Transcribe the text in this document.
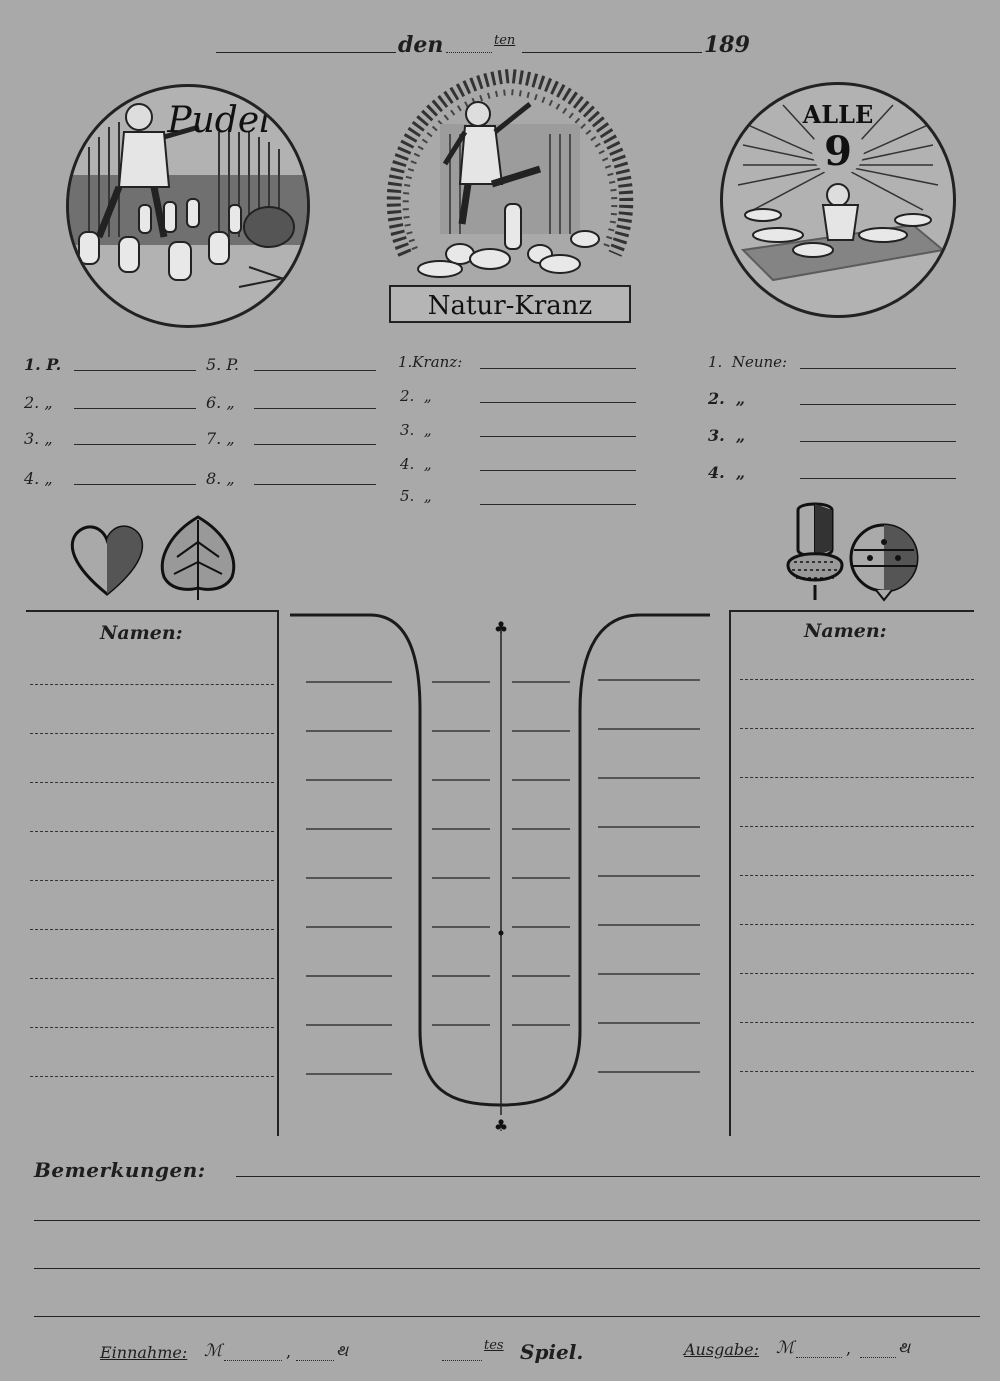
den	ten	189
Pudel
Natur-Kranz
9
ALLE
1. P.
2. „
3. „
4. „
5. P.
6. „
7. „
8. „
1.Kranz:
2.  „
3.  „
4.  „
5.  „
1.  Neune:
2.  „
3.  „
4.  „
Namen:	Namen:
♣
♣
Bemerkungen:
Einnahme: ℳ	,	થ	tes Spiel.	Ausgabe: ℳ	,	થ
